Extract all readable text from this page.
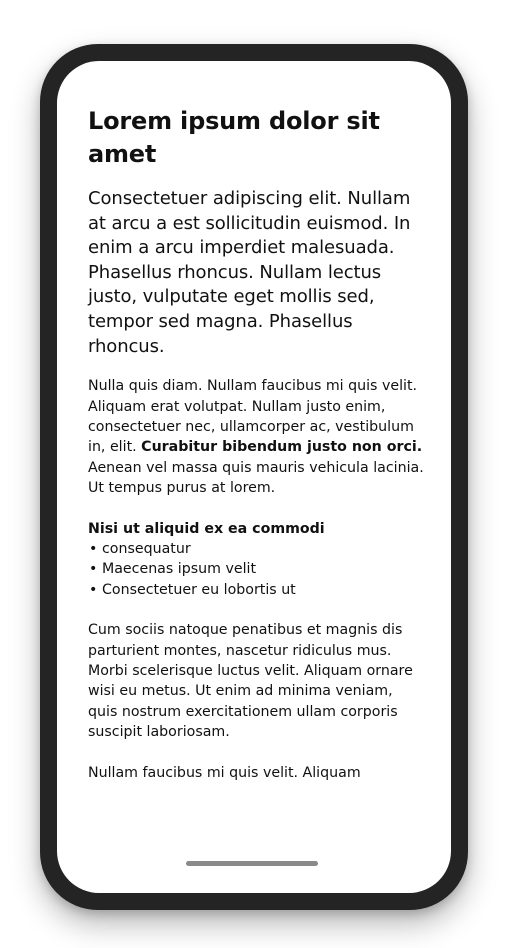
Lorem ipsum dolor sit amet

Consectetuer adipiscing elit. Nullam at arcu a est sollicitudin euismod. In enim a arcu imperdiet malesuada. Phasellus rhoncus. Nullam lectus justo, vulputate eget mollis sed, tempor sed magna. Phasellus rhoncus.

Nulla quis diam. Nullam faucibus mi quis velit. Aliquam erat volutpat. Nullam justo enim, consectetuer nec, ullamcorper ac, vestibulum in, elit. Curabitur bibendum justo non orci. Aenean vel massa quis mauris vehicula lacinia. Ut tempus purus at lorem.

Nisi ut aliquid ex ea commodi

• consequatur
• Maecenas ipsum velit
• Consectetuer eu lobortis ut

Cum sociis natoque penatibus et magnis dis parturient montes, nascetur ridiculus mus. Morbi scelerisque luctus velit. Aliquam ornare wisi eu metus. Ut enim ad minima veniam, quis nostrum exercitationem ullam corporis suscipit laboriosam.

Nullam faucibus mi quis velit. Aliquam
